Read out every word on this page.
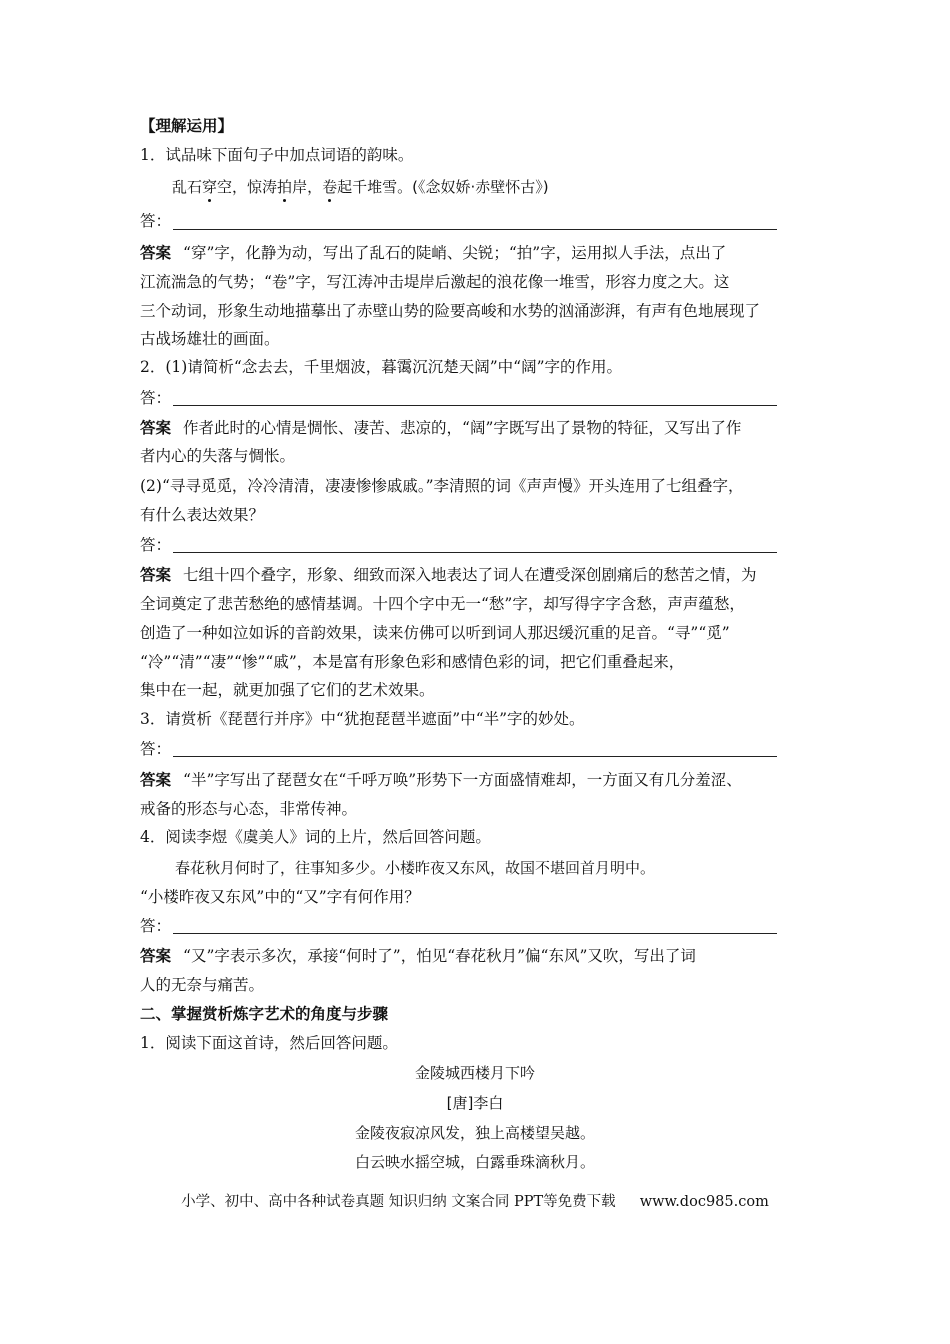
【理解运用】
1．试品味下面句子中加点词语的韵味。
乱石穿空，惊涛拍岸，卷起千堆雪。(《念奴娇·赤壁怀古》)
答：
答案 “穿”字，化静为动，写出了乱石的陡峭、尖锐；“拍”字，运用拟人手法，点出了
江流湍急的气势；“卷”字，写江涛冲击堤岸后激起的浪花像一堆雪，形容力度之大。这
三个动词，形象生动地描摹出了赤壁山势的险要高峻和水势的汹涌澎湃，有声有色地展现了
古战场雄壮的画面。
2．(1)请简析“念去去，千里烟波，暮霭沉沉楚天阔”中“阔”字的作用。
答：
答案 作者此时的心情是惆怅、凄苦、悲凉的，“阔”字既写出了景物的特征，又写出了作
者内心的失落与惆怅。
(2)“寻寻觅觅，冷冷清清，凄凄惨惨戚戚。”李清照的词《声声慢》开头连用了七组叠字，
有什么表达效果？
答：
答案 七组十四个叠字，形象、细致而深入地表达了词人在遭受深创剧痛后的愁苦之情，为
全词奠定了悲苦愁绝的感情基调。十四个字中无一“愁”字，却写得字字含愁，声声蕴愁，
创造了一种如泣如诉的音韵效果，读来仿佛可以听到词人那迟缓沉重的足音。“寻”“觅”
“冷”“清”“凄”“惨”“戚”，本是富有形象色彩和感情色彩的词，把它们重叠起来，
集中在一起，就更加强了它们的艺术效果。
3．请赏析《琵琶行并序》中“犹抱琵琶半遮面”中“半”字的妙处。
答：
答案 “半”字写出了琵琶女在“千呼万唤”形势下一方面盛情难却，一方面又有几分羞涩、
戒备的形态与心态，非常传神。
4．阅读李煜《虞美人》词的上片，然后回答问题。
春花秋月何时了，往事知多少。小楼昨夜又东风，故国不堪回首月明中。
“小楼昨夜又东风”中的“又”字有何作用？
答：
答案 “又”字表示多次，承接“何时了”，怕见“春花秋月”偏“东风”又吹，写出了词
人的无奈与痛苦。
二、掌握赏析炼字艺术的角度与步骤
1．阅读下面这首诗，然后回答问题。
金陵城西楼月下吟
[唐]李白
金陵夜寂凉风发，独上高楼望吴越。
白云映水摇空城，白露垂珠滴秋月。
小学、初中、高中各种试卷真题 知识归纳 文案合同 PPT等免费下载 www.doc985.com
